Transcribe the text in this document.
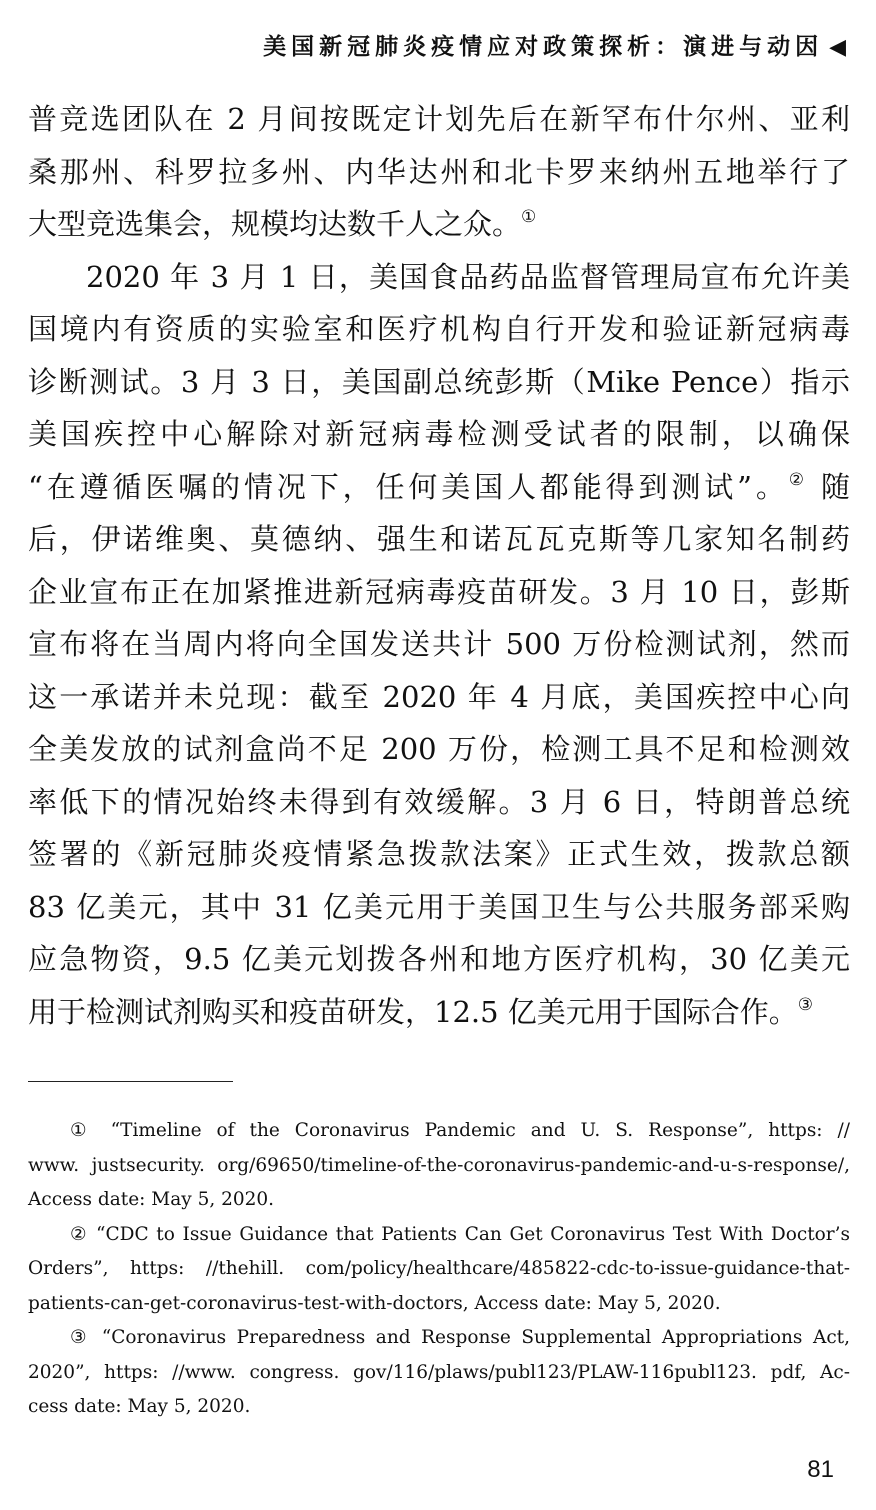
美国新冠肺炎疫情应对政策探析：演进与动因 ◀
普竞选团队在 2 月间按既定计划先后在新罕布什尔州、亚利
桑那州、科罗拉多州、内华达州和北卡罗来纳州五地举行了
大型竞选集会，规模均达数千人之众。①
2020 年 3 月 1 日，美国食品药品监督管理局宣布允许美
国境内有资质的实验室和医疗机构自行开发和验证新冠病毒
诊断测试。3 月 3 日，美国副总统彭斯（Mike Pence）指示
美国疾控中心解除对新冠病毒检测受试者的限制，以确保
“在遵循医嘱的情况下，任何美国人都能得到测试”。② 随
后，伊诺维奥、莫德纳、强生和诺瓦瓦克斯等几家知名制药
企业宣布正在加紧推进新冠病毒疫苗研发。3 月 10 日，彭斯
宣布将在当周内将向全国发送共计 500 万份检测试剂，然而
这一承诺并未兑现：截至 2020 年 4 月底，美国疾控中心向
全美发放的试剂盒尚不足 200 万份，检测工具不足和检测效
率低下的情况始终未得到有效缓解。3 月 6 日，特朗普总统
签署的《新冠肺炎疫情紧急拨款法案》正式生效，拨款总额
83 亿美元，其中 31 亿美元用于美国卫生与公共服务部采购
应急物资，9.5 亿美元划拨各州和地方医疗机构，30 亿美元
用于检测试剂购买和疫苗研发，12.5 亿美元用于国际合作。③
① “Timeline of the Coronavirus Pandemic and U. S. Response”, https: //
www. justsecurity. org/69650/timeline-of-the-coronavirus-pandemic-and-u-s-response/,
Access date: May 5, 2020.
② “CDC to Issue Guidance that Patients Can Get Coronavirus Test With Doctor’s
Orders”, https: //thehill. com/policy/healthcare/485822-cdc-to-issue-guidance-that-
patients-can-get-coronavirus-test-with-doctors, Access date: May 5, 2020.
③ “Coronavirus Preparedness and Response Supplemental Appropriations Act,
2020”, https: //www. congress. gov/116/plaws/publ123/PLAW-116publ123. pdf, Ac-
cess date: May 5, 2020.
81
